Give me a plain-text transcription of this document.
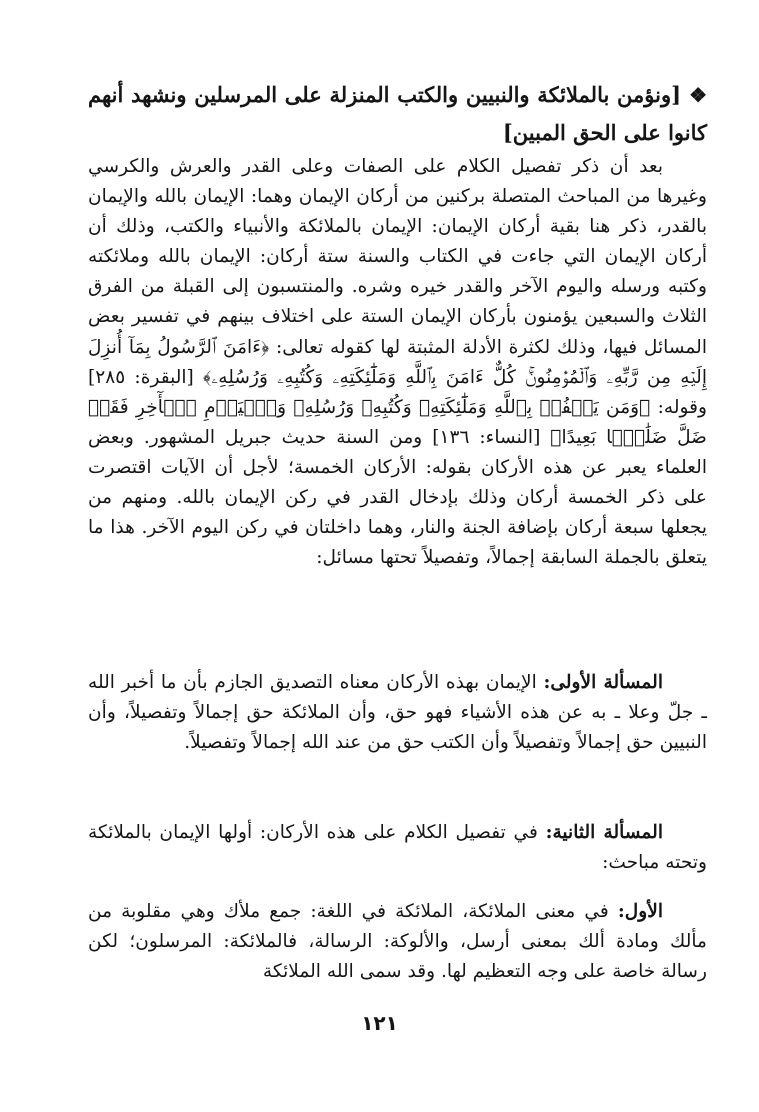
❖[ونؤمن بالملائكة والنبيين والكتب المنزلة على المرسلين ونشهد أنهم كانوا على الحق المبين]

بعد أن ذكر تفصيل الكلام على الصفات وعلى القدر والعرش والكرسي وغيرها من المباحث المتصلة بركنين من أركان الإيمان وهما: الإيمان بالله والإيمان بالقدر، ذكر هنا بقية أركان الإيمان: الإيمان بالملائكة والأنبياء والكتب، وذلك أن أركان الإيمان التي جاءت في الكتاب والسنة ستة أركان: الإيمان بالله وملائكته وكتبه ورسله واليوم الآخر والقدر خيره وشره. والمنتسبون إلى القبلة من الفرق الثلاث والسبعين يؤمنون بأركان الإيمان الستة على اختلاف بينهم في تفسير بعض المسائل فيها، وذلك لكثرة الأدلة المثبتة لها كقوله تعالى: ﴿ءَامَنَ ٱلرَّسُولُ بِمَآ أُنزِلَ إِلَيۡهِ مِن رَّبِّهِۦ وَٱلۡمُؤۡمِنُونَۚ كُلٌّ ءَامَنَ بِٱللَّهِ وَمَلَٰٓئِكَتِهِۦ وَكُتُبِهِۦ وَرُسُلِهِۦ﴾ [البقرة: ٢٨٥] وقوله: ﴿وَمَن يَكۡفُرۡ بِٱللَّهِ وَمَلَٰٓئِكَتِهِۦ وَكُتُبِهِۦ وَرُسُلِهِۦ وَٱلۡيَوۡمِ ٱلۡأٓخِرِ فَقَدۡ ضَلَّ ضَلَٰلَۢا بَعِيدًا﴾ [النساء: ١٣٦] ومن السنة حديث جبريل المشهور. وبعض العلماء يعبر عن هذه الأركان بقوله: الأركان الخمسة؛ لأجل أن الآيات اقتصرت على ذكر الخمسة أركان وذلك بإدخال القدر في ركن الإيمان بالله. ومنهم من يجعلها سبعة أركان بإضافة الجنة والنار، وهما داخلتان في ركن اليوم الآخر. هذا ما يتعلق بالجملة السابقة إجمالاً، وتفصيلاً تحتها مسائل:

المسألة الأولى: الإيمان بهذه الأركان معناه التصديق الجازم بأن ما أخبر الله ـ جلّ وعلا ـ به عن هذه الأشياء فهو حق، وأن الملائكة حق إجمالاً وتفصيلاً، وأن النبيين حق إجمالاً وتفصيلاً وأن الكتب حق من عند الله إجمالاً وتفصيلاً.

المسألة الثانية: في تفصيل الكلام على هذه الأركان: أولها الإيمان بالملائكة وتحته مباحث:

الأول: في معنى الملائكة، الملائكة في اللغة: جمع ملأك وهي مقلوبة من مألك ومادة ألك بمعنى أرسل، والألوكة: الرسالة، فالملائكة: المرسلون؛ لكن رسالة خاصة على وجه التعظيم لها. وقد سمى الله الملائكة

١٢١
